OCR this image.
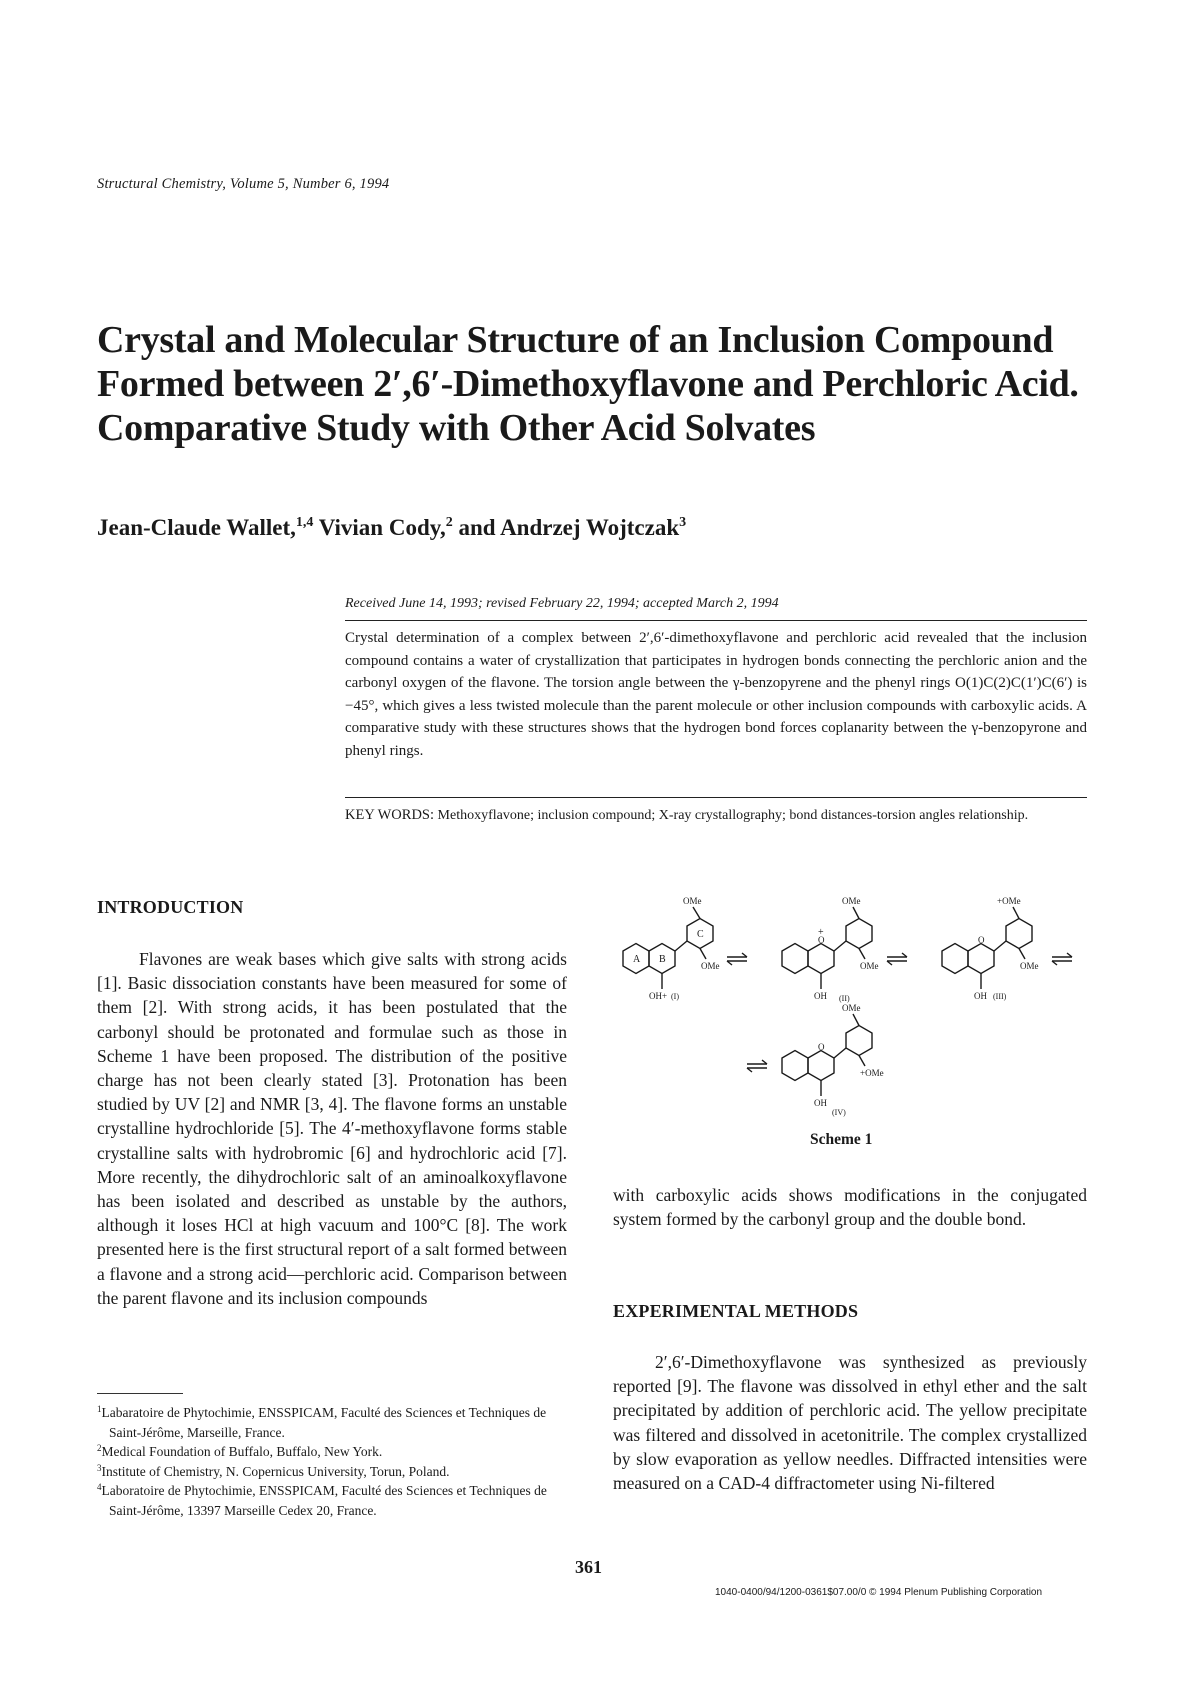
Structural Chemistry, Volume 5, Number 6, 1994
Crystal and Molecular Structure of an Inclusion Compound
Formed between 2′,6′-Dimethoxyflavone and Perchloric Acid.
Comparative Study with Other Acid Solvates
Jean-Claude Wallet,$^{1,4}$ Vivian Cody,$^2$ and Andrzej Wojtczak$^3$
Received June 14, 1993; revised February 22, 1994; accepted March 2, 1994
Crystal determination of a complex between 2′,6′-dimethoxyflavone and perchloric acid revealed that the inclusion compound contains a water of crystallization that participates in hydrogen bonds connecting the perchloric anion and the carbonyl oxygen of the flavone. The torsion angle between the γ-benzopyrene and the phenyl rings O(1)C(2)C(1′)C(6′) is −45°, which gives a less twisted molecule than the parent molecule or other inclusion compounds with carboxylic acids. A comparative study with these structures shows that the hydrogen bond forces coplanarity between the γ-benzopyrone and phenyl rings.
KEY WORDS: Methoxyflavone; inclusion compound; X-ray crystallography; bond distances-torsion angles relationship.
INTRODUCTION

Flavones are weak bases which give salts with strong acids [1]. Basic dissociation constants have been measured for some of them [2]. With strong acids, it has been postulated that the carbonyl should be protonated and formulae such as those in Scheme 1 have been proposed. The distribution of the positive charge has not been clearly stated [3]. Protonation has been studied by UV [2] and NMR [3, 4]. The flavone forms an unstable crystalline hydrochloride [5]. The 4′-methoxyflavone forms stable crystalline salts with hydrobromic [6] and hydrochloric acid [7]. More recently, the dihydrochloric salt of an aminoalkoxyflavone has been isolated and described as unstable by the authors, although it loses HCl at high vacuum and 100°C [8]. The work presented here is the first structural report of a salt formed between a flavone and a strong acid—perchloric acid. Comparison between the parent flavone and its inclusion compounds

A B
C
OMe
OMe
OH+ (I)
OMe
OMe
O
+
OH (II)
+OMe
OMe
O
OH (III)
OMe
+OMe
O
OH
(IV)
Scheme 1

with carboxylic acids shows modifications in the conjugated system formed by the carbonyl group and the double bond.

EXPERIMENTAL METHODS

2′,6′-Dimethoxyflavone was synthesized as previously reported [9]. The flavone was dissolved in ethyl ether and the salt precipitated by addition of perchloric acid. The yellow precipitate was filtered and dissolved in acetonitrile. The complex crystallized by slow evaporation as yellow needles. Diffracted intensities were measured on a CAD-4 diffractometer using Ni-filtered

$^1$Labaratoire de Phytochimie, ENSSPICAM, Faculté des Sciences et Techniques de Saint-Jérôme, Marseille, France.

$^2$Medical Foundation of Buffalo, Buffalo, New York.

$^3$Institute of Chemistry, N. Copernicus University, Torun, Poland.

$^4$Laboratoire de Phytochimie, ENSSPICAM, Faculté des Sciences et Techniques de Saint-Jérôme, 13397 Marseille Cedex 20, France.

361
1040-0400/94/1200-0361$07.00/0 © 1994 Plenum Publishing Corporation
